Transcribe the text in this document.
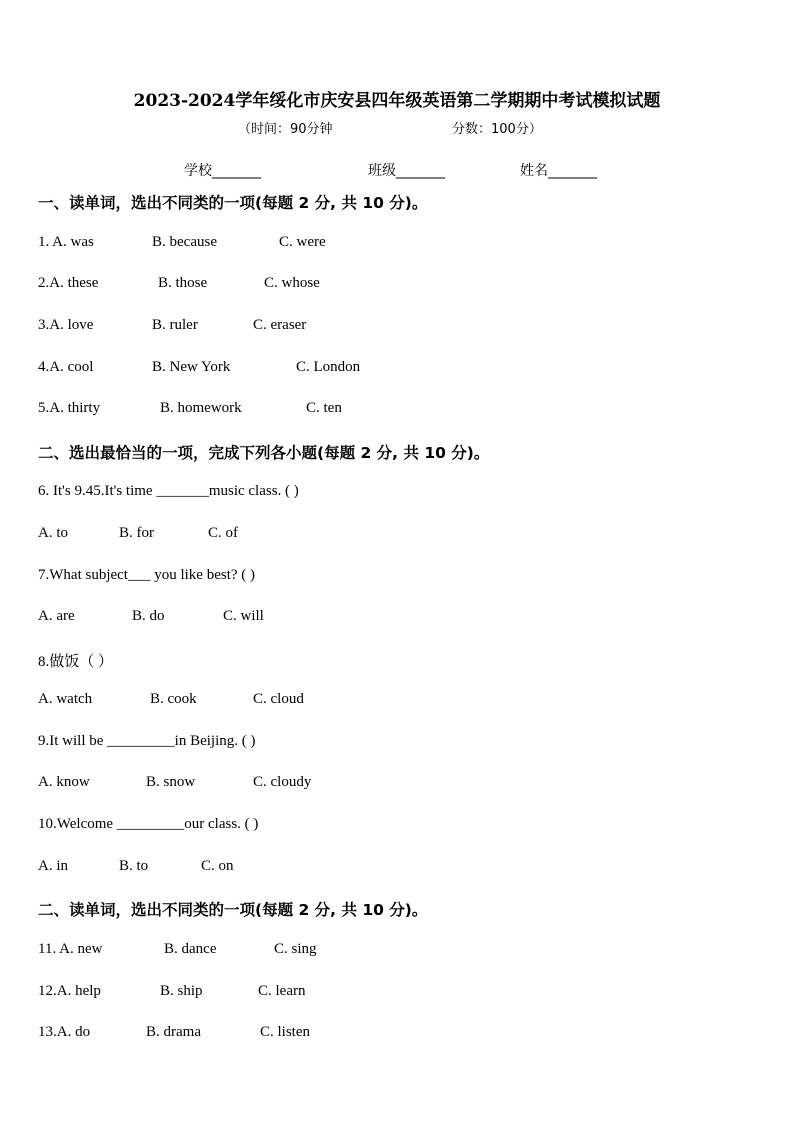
2023-2024学年绥化市庆安县四年级英语第二学期期中考试模拟试题
（时间：90分钟	分数：100分）
学校_______	班级_______	姓名_______
一、读单词，选出不同类的一项(每题 2 分, 共 10 分)。
1. A. was	B. because	C. were
2.A. these	B. those	C. whose
3.A. love	B. ruler	C. eraser
4.A. cool	B. New York	C. London
5.A. thirty	B. homework	C. ten
二、选出最恰当的一项，完成下列各小题(每题 2 分, 共 10 分)。
6. It's 9.45.It's time _______music class. ( )
A. to	B. for	C. of
7.What subject___ you like best? ( )
A. are	B. do	C. will
8.做饭（ ）
A. watch	B. cook	C. cloud
9.It will be _________in Beijing. ( )
A. know	B. snow	C. cloudy
10.Welcome _________our class. ( )
A. in	B. to	C. on
二、读单词，选出不同类的一项(每题 2 分, 共 10 分)。
11. A. new	B. dance	C. sing
12.A. help	B. ship	C. learn
13.A. do	B. drama	C. listen
